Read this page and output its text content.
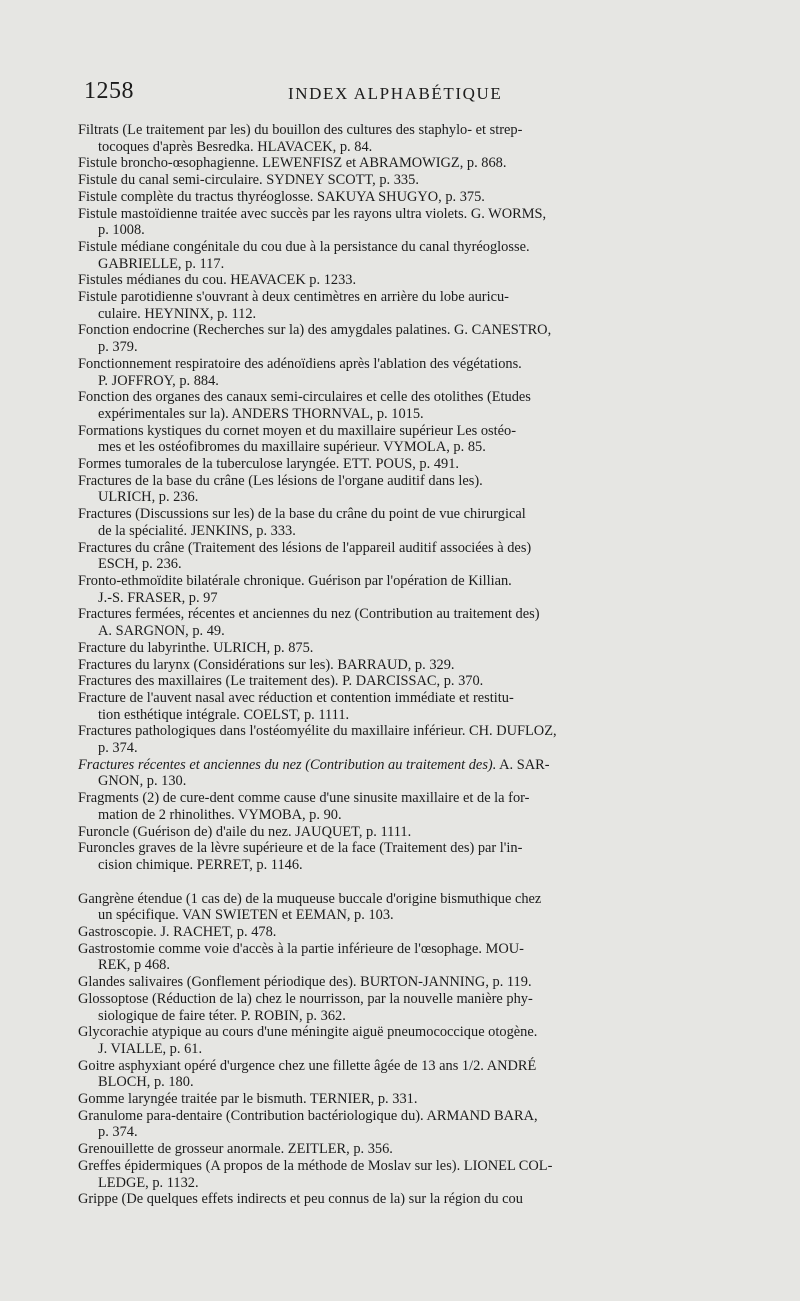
1258	INDEX ALPHABÉTIQUE

Filtrats (Le traitement par les) du bouillon des cultures des staphylo- et strep-
tocoques d'après Besredka. HLAVACEK, p. 84.

Fistule broncho-œsophagienne. LEWENFISZ et ABRAMOWIGZ, p. 868.

Fistule du canal semi-circulaire. SYDNEY SCOTT, p. 335.

Fistule complète du tractus thyréoglosse. SAKUYA SHUGYO, p. 375.

Fistule mastoïdienne traitée avec succès par les rayons ultra violets. G. WORMS,
p. 1008.

Fistule médiane congénitale du cou due à la persistance du canal thyréoglosse.
GABRIELLE, p. 117.

Fistules médianes du cou. HEAVACEK p. 1233.

Fistule parotidienne s'ouvrant à deux centimètres en arrière du lobe auricu-
culaire. HEYNINX, p. 112.

Fonction endocrine (Recherches sur la) des amygdales palatines. G. CANESTRO,
p. 379.

Fonctionnement respiratoire des adénoïdiens après l'ablation des végétations.
P. JOFFROY, p. 884.

Fonction des organes des canaux semi-circulaires et celle des otolithes (Etudes
expérimentales sur la). ANDERS THORNVAL, p. 1015.

Formations kystiques du cornet moyen et du maxillaire supérieur Les ostéo-
mes et les ostéofibromes du maxillaire supérieur. VYMOLA, p. 85.

Formes tumorales de la tuberculose laryngée. ETT. POUS, p. 491.

Fractures de la base du crâne (Les lésions de l'organe auditif dans les).
ULRICH, p. 236.

Fractures (Discussions sur les) de la base du crâne du point de vue chirurgical
de la spécialité. JENKINS, p. 333.

Fractures du crâne (Traitement des lésions de l'appareil auditif associées à des)
ESCH, p. 236.

Fronto-ethmoïdite bilatérale chronique. Guérison par l'opération de Killian.
J.-S. FRASER, p. 97

Fractures fermées, récentes et anciennes du nez (Contribution au traitement des)
A. SARGNON, p. 49.

Fracture du labyrinthe. ULRICH, p. 875.

Fractures du larynx (Considérations sur les). BARRAUD, p. 329.

Fractures des maxillaires (Le traitement des). P. DARCISSAC, p. 370.

Fracture de l'auvent nasal avec réduction et contention immédiate et restitu-
tion esthétique intégrale. COELST, p. 1111.

Fractures pathologiques dans l'ostéomyélite du maxillaire inférieur. CH. DUFLOZ,
p. 374.

Fractures récentes et anciennes du nez (Contribution au traitement des). A. SAR-
GNON, p. 130.

Fragments (2) de cure-dent comme cause d'une sinusite maxillaire et de la for-
mation de 2 rhinolithes. VYMOBA, p. 90.

Furoncle (Guérison de) d'aile du nez. JAUQUET, p. 1111.

Furoncles graves de la lèvre supérieure et de la face (Traitement des) par l'in-
cision chimique. PERRET, p. 1146.

Gangrène étendue (1 cas de) de la muqueuse buccale d'origine bismuthique chez
un spécifique. VAN SWIETEN et EEMAN, p. 103.

Gastroscopie. J. RACHET, p. 478.

Gastrostomie comme voie d'accès à la partie inférieure de l'œsophage. MOU-
REK, p 468.

Glandes salivaires (Gonflement périodique des). BURTON-JANNING, p. 119.

Glossoptose (Réduction de la) chez le nourrisson, par la nouvelle manière phy-
siologique de faire téter. P. ROBIN, p. 362.

Glycorachie atypique au cours d'une méningite aiguë pneumococcique otogène.
J. VIALLE, p. 61.

Goitre asphyxiant opéré d'urgence chez une fillette âgée de 13 ans 1/2. ANDRÉ
BLOCH, p. 180.

Gomme laryngée traitée par le bismuth. TERNIER, p. 331.

Granulome para-dentaire (Contribution bactériologique du). ARMAND BARA,
p. 374.

Grenouillette de grosseur anormale. ZEITLER, p. 356.

Greffes épidermiques (A propos de la méthode de Moslav sur les). LIONEL COL-
LEDGE, p. 1132.

Grippe (De quelques effets indirects et peu connus de la) sur la région du cou
